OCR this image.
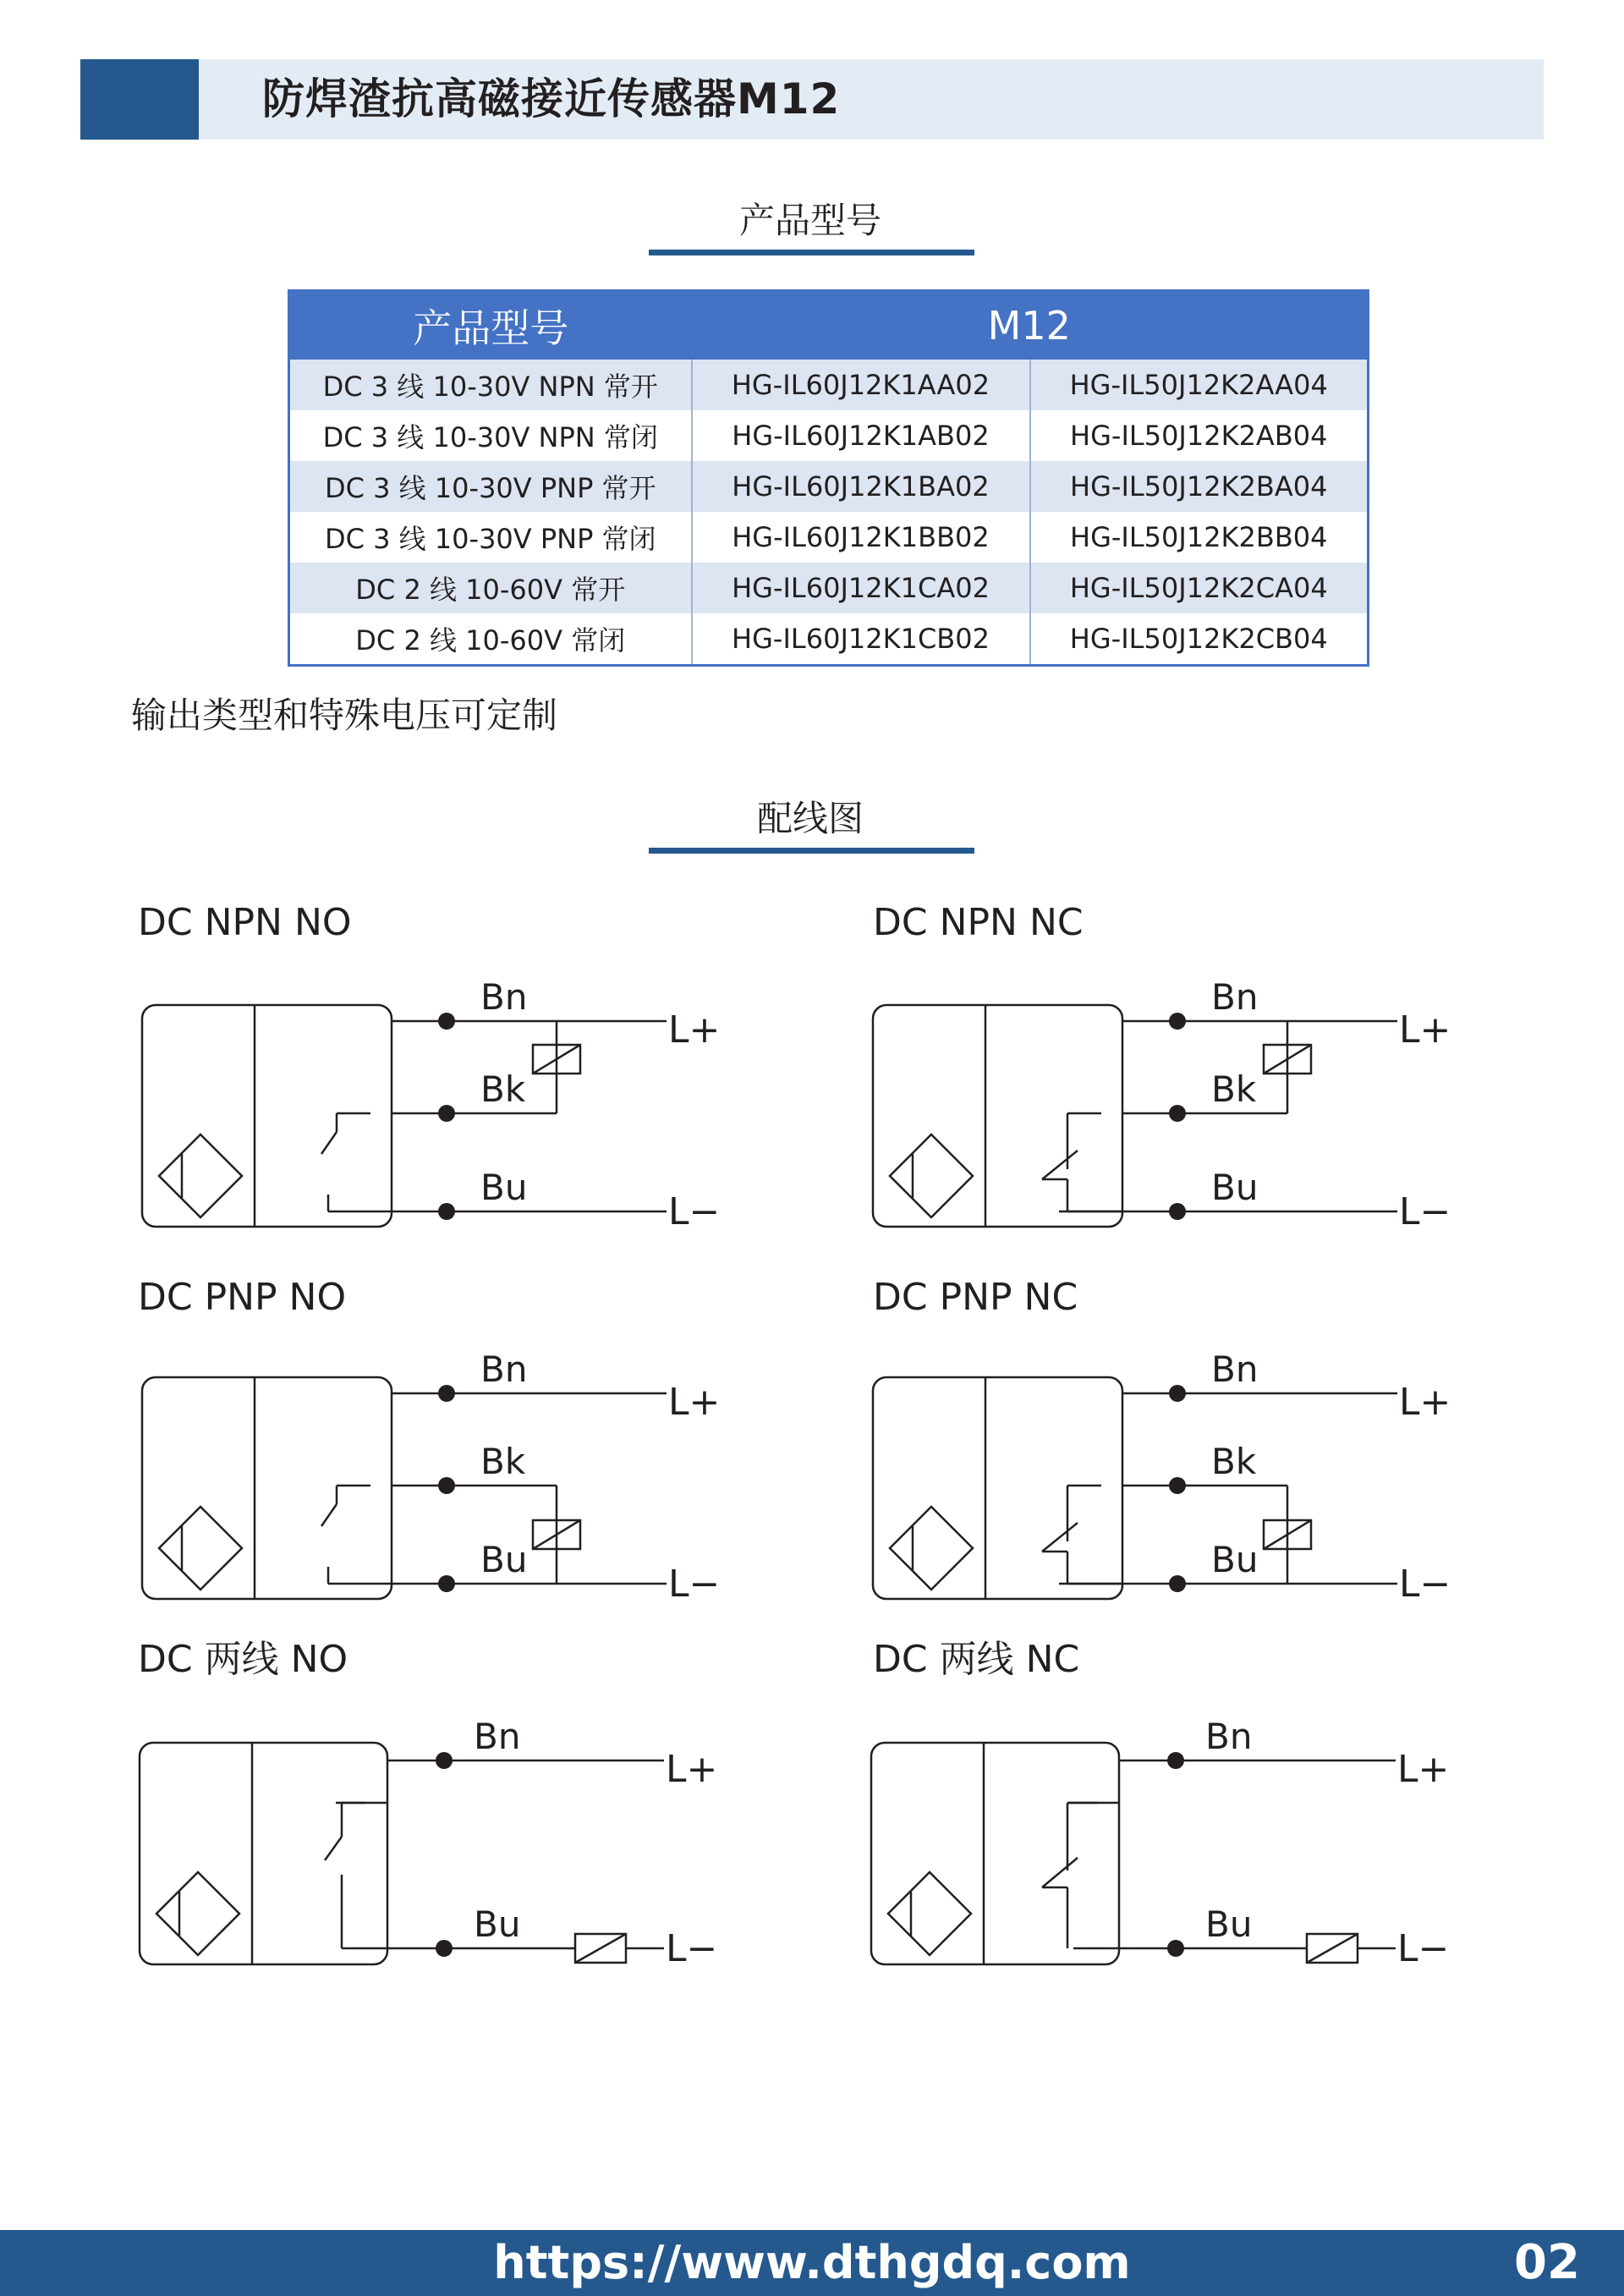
防焊渣抗高磁接近传感器M12
产品型号
产品型号	M12	
DC 3 线 10-30V NPN 常开	HG-IL60J12K1AA02	HG-IL50J12K2AA04
DC 3 线 10-30V NPN 常闭	HG-IL60J12K1AB02	HG-IL50J12K2AB04
DC 3 线 10-30V PNP 常开	HG-IL60J12K1BA02	HG-IL50J12K2BA04
DC 3 线 10-30V PNP 常闭	HG-IL60J12K1BB02	HG-IL50J12K2BB04
DC 2 线 10-60V 常开	HG-IL60J12K1CA02	HG-IL50J12K2CA04
DC 2 线 10-60V 常闭	HG-IL60J12K1CB02	HG-IL50J12K2CB04
输出类型和特殊电压可定制
配线图
DC NPN NO	DC NPN NC
DC PNP NO	DC PNP NC
DC 两线 NO	DC 两线 NC
Bn
Bk
Bu
L+
L−
Bn
Bk
Bu
L+
L−
Bn
Bk
Bu
L+
L−
Bn
Bk
Bu
L+
L−
Bn
Bu
L+
L−
Bn
Bu
L+
L−
https://www.dthgdq.com	02
